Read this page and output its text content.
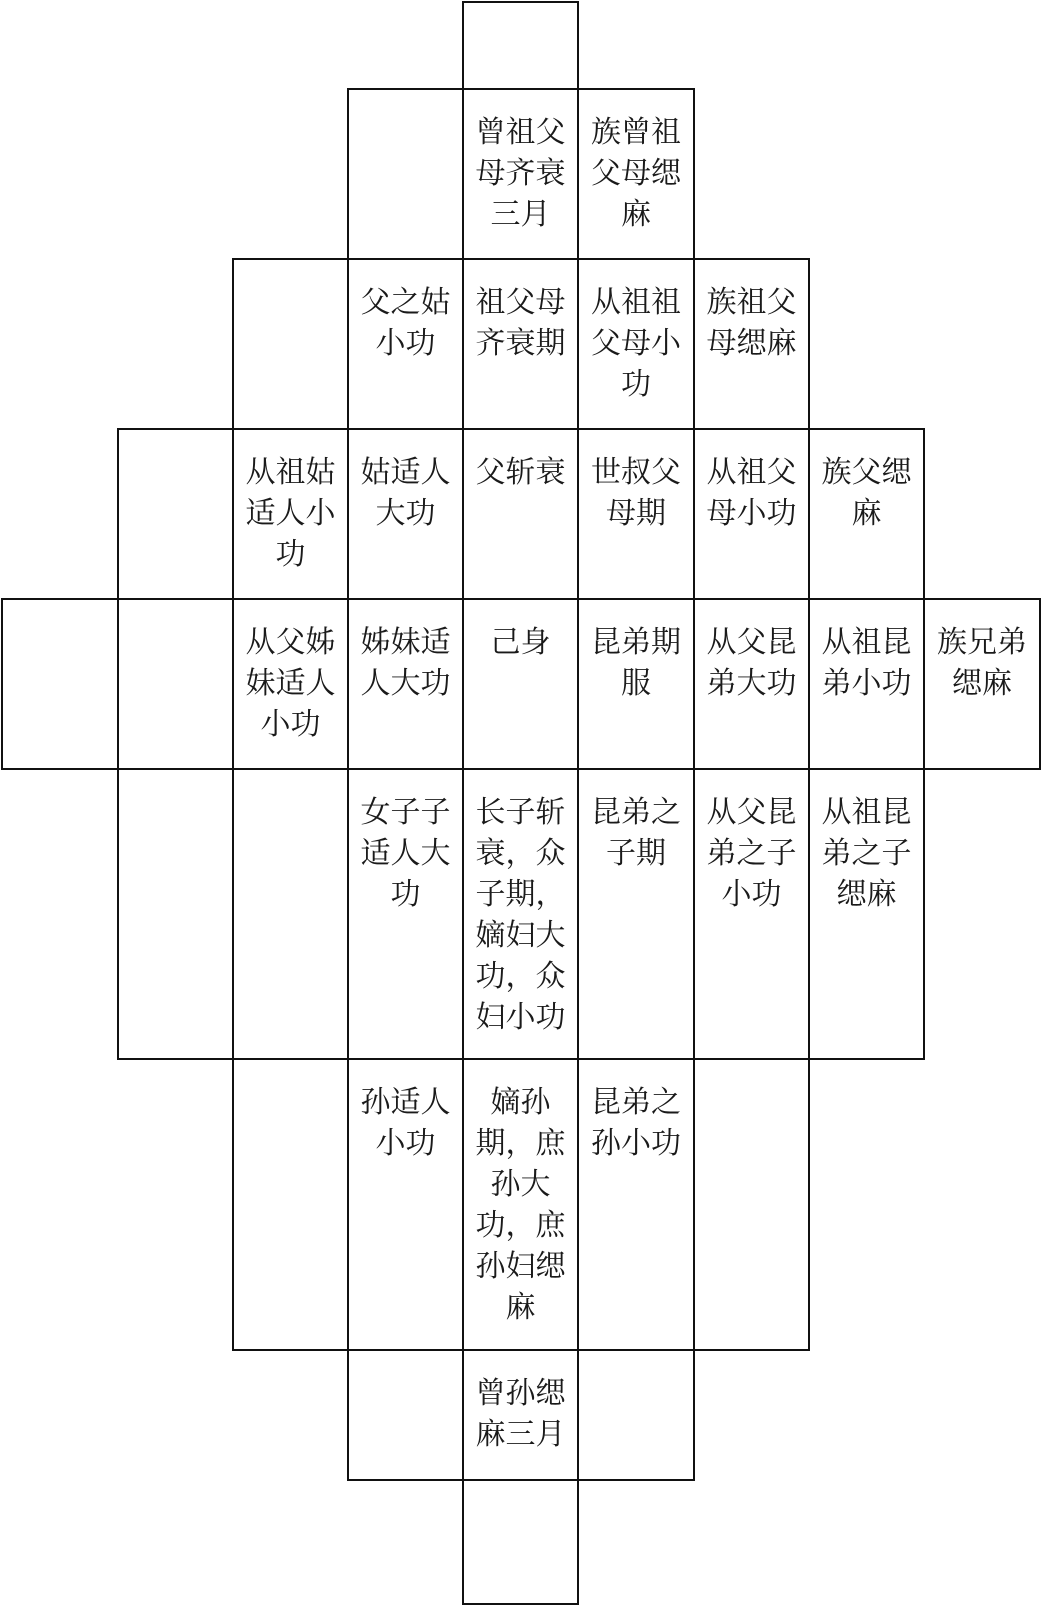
曾祖父母齐衰三月
族曾祖父母缌麻
父之姑小功
祖父母齐衰期
从祖祖父母小功
族祖父母缌麻
从祖姑适人小功
姑适人大功
父斩衰 世叔父母期
从祖父母小功
族父缌麻
从父姊妹适人小功
姊妹适人大功
己身	昆弟期服
从父昆弟大功
从祖昆弟小功
族兄弟缌麻
女子子适人大功
长子斩衰，众子期，嫡妇大功，众妇小功
昆弟之子期
从父昆弟之子小功
从祖昆弟之子缌麻
孙适人小功
嫡孙期，庶孙大功，庶孙妇缌麻
昆弟之孙小功
曾孙缌麻三月
